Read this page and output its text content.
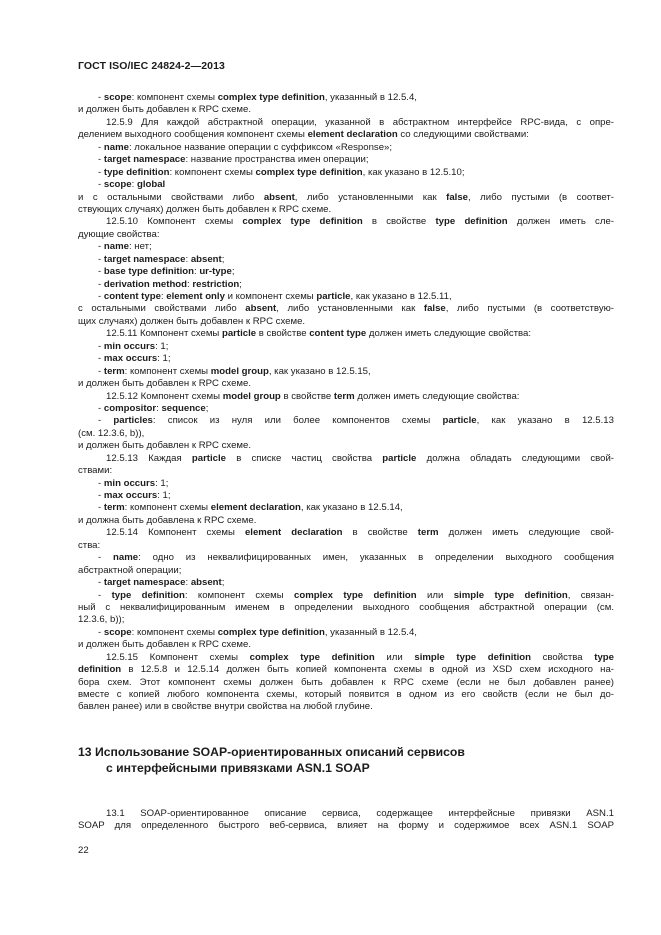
ГОСТ ISO/IEC 24824-2—2013
- scope: компонент схемы complex type definition, указанный в 12.5.4,
и должен быть добавлен к RPC схеме.
12.5.9 Для каждой абстрактной операции, указанной в абстрактном интерфейсе RPC-вида, с опре-
делением выходного сообщения компонент схемы element declaration со следующими свойствами:
- name: локальное название операции с суффиксом «Response»;
- target namespace: название пространства имен операции;
- type definition: компонент схемы complex type definition, как указано в 12.5.10;
- scope: global
и с остальными свойствами либо absent, либо установленными как false, либо пустыми (в соответ-
ствующих случаях) должен быть добавлен к RPC схеме.
12.5.10 Компонент схемы complex type definition в свойстве type definition должен иметь сле-
дующие свойства:
- name: нет;
- target namespace: absent;
- base type definition: ur-type;
- derivation method: restriction;
- content type: element only и компонент схемы particle, как указано в 12.5.11,
с остальными свойствами либо absent, либо установленными как false, либо пустыми (в соответствую-
щих случаях) должен быть добавлен к RPC схеме.
12.5.11 Компонент схемы particle в свойстве content type должен иметь следующие свойства:
- min occurs: 1;
- max occurs: 1;
- term: компонент схемы model group, как указано в 12.5.15,
и должен быть добавлен к RPC схеме.
12.5.12 Компонент схемы model group в свойстве term должен иметь следующие свойства:
- compositor: sequence;
- particles: список из нуля или более компонентов схемы particle, как указано в 12.5.13
(см. 12.3.6, b)),
и должен быть добавлен к RPC схеме.
12.5.13 Каждая particle в списке частиц свойства particle должна обладать следующими свой-
ствами:
- min occurs: 1;
- max occurs: 1;
- term: компонент схемы element declaration, как указано в 12.5.14,
и должна быть добавлена к RPC схеме.
12.5.14 Компонент схемы element declaration в свойстве term должен иметь следующие свой-
ства:
- name: одно из неквалифицированных имен, указанных в определении выходного сообщения
абстрактной операции;
- target namespace: absent;
- type definition: компонент схемы complex type definition или simple type definition, связан-
ный с неквалифицированным именем в определении выходного сообщения абстрактной операции (см.
12.3.6, b));
- scope: компонент схемы complex type definition, указанный в 12.5.4,
и должен быть добавлен к RPC схеме.
12.5.15 Компонент схемы complex type definition или simple type definition свойства type
definition в 12.5.8 и 12.5.14 должен быть копией компонента схемы в одной из XSD схем исходного на-
бора схем. Этот компонент схемы должен быть добавлен к RPC схеме (если не был добавлен ранее)
вместе с копией любого компонента схемы, который появится в одном из его свойств (если не был до-
бавлен ранее) или в свойстве внутри свойства на любой глубине.
13 Использование SOAP-ориентированных описаний сервисов
с интерфейсными привязками ASN.1 SOAP
13.1 SOAP-ориентированное описание сервиса, содержащее интерфейсные привязки ASN.1
SOAP для определенного быстрого веб-сервиса, влияет на форму и содержимое всех ASN.1 SOAP
22
